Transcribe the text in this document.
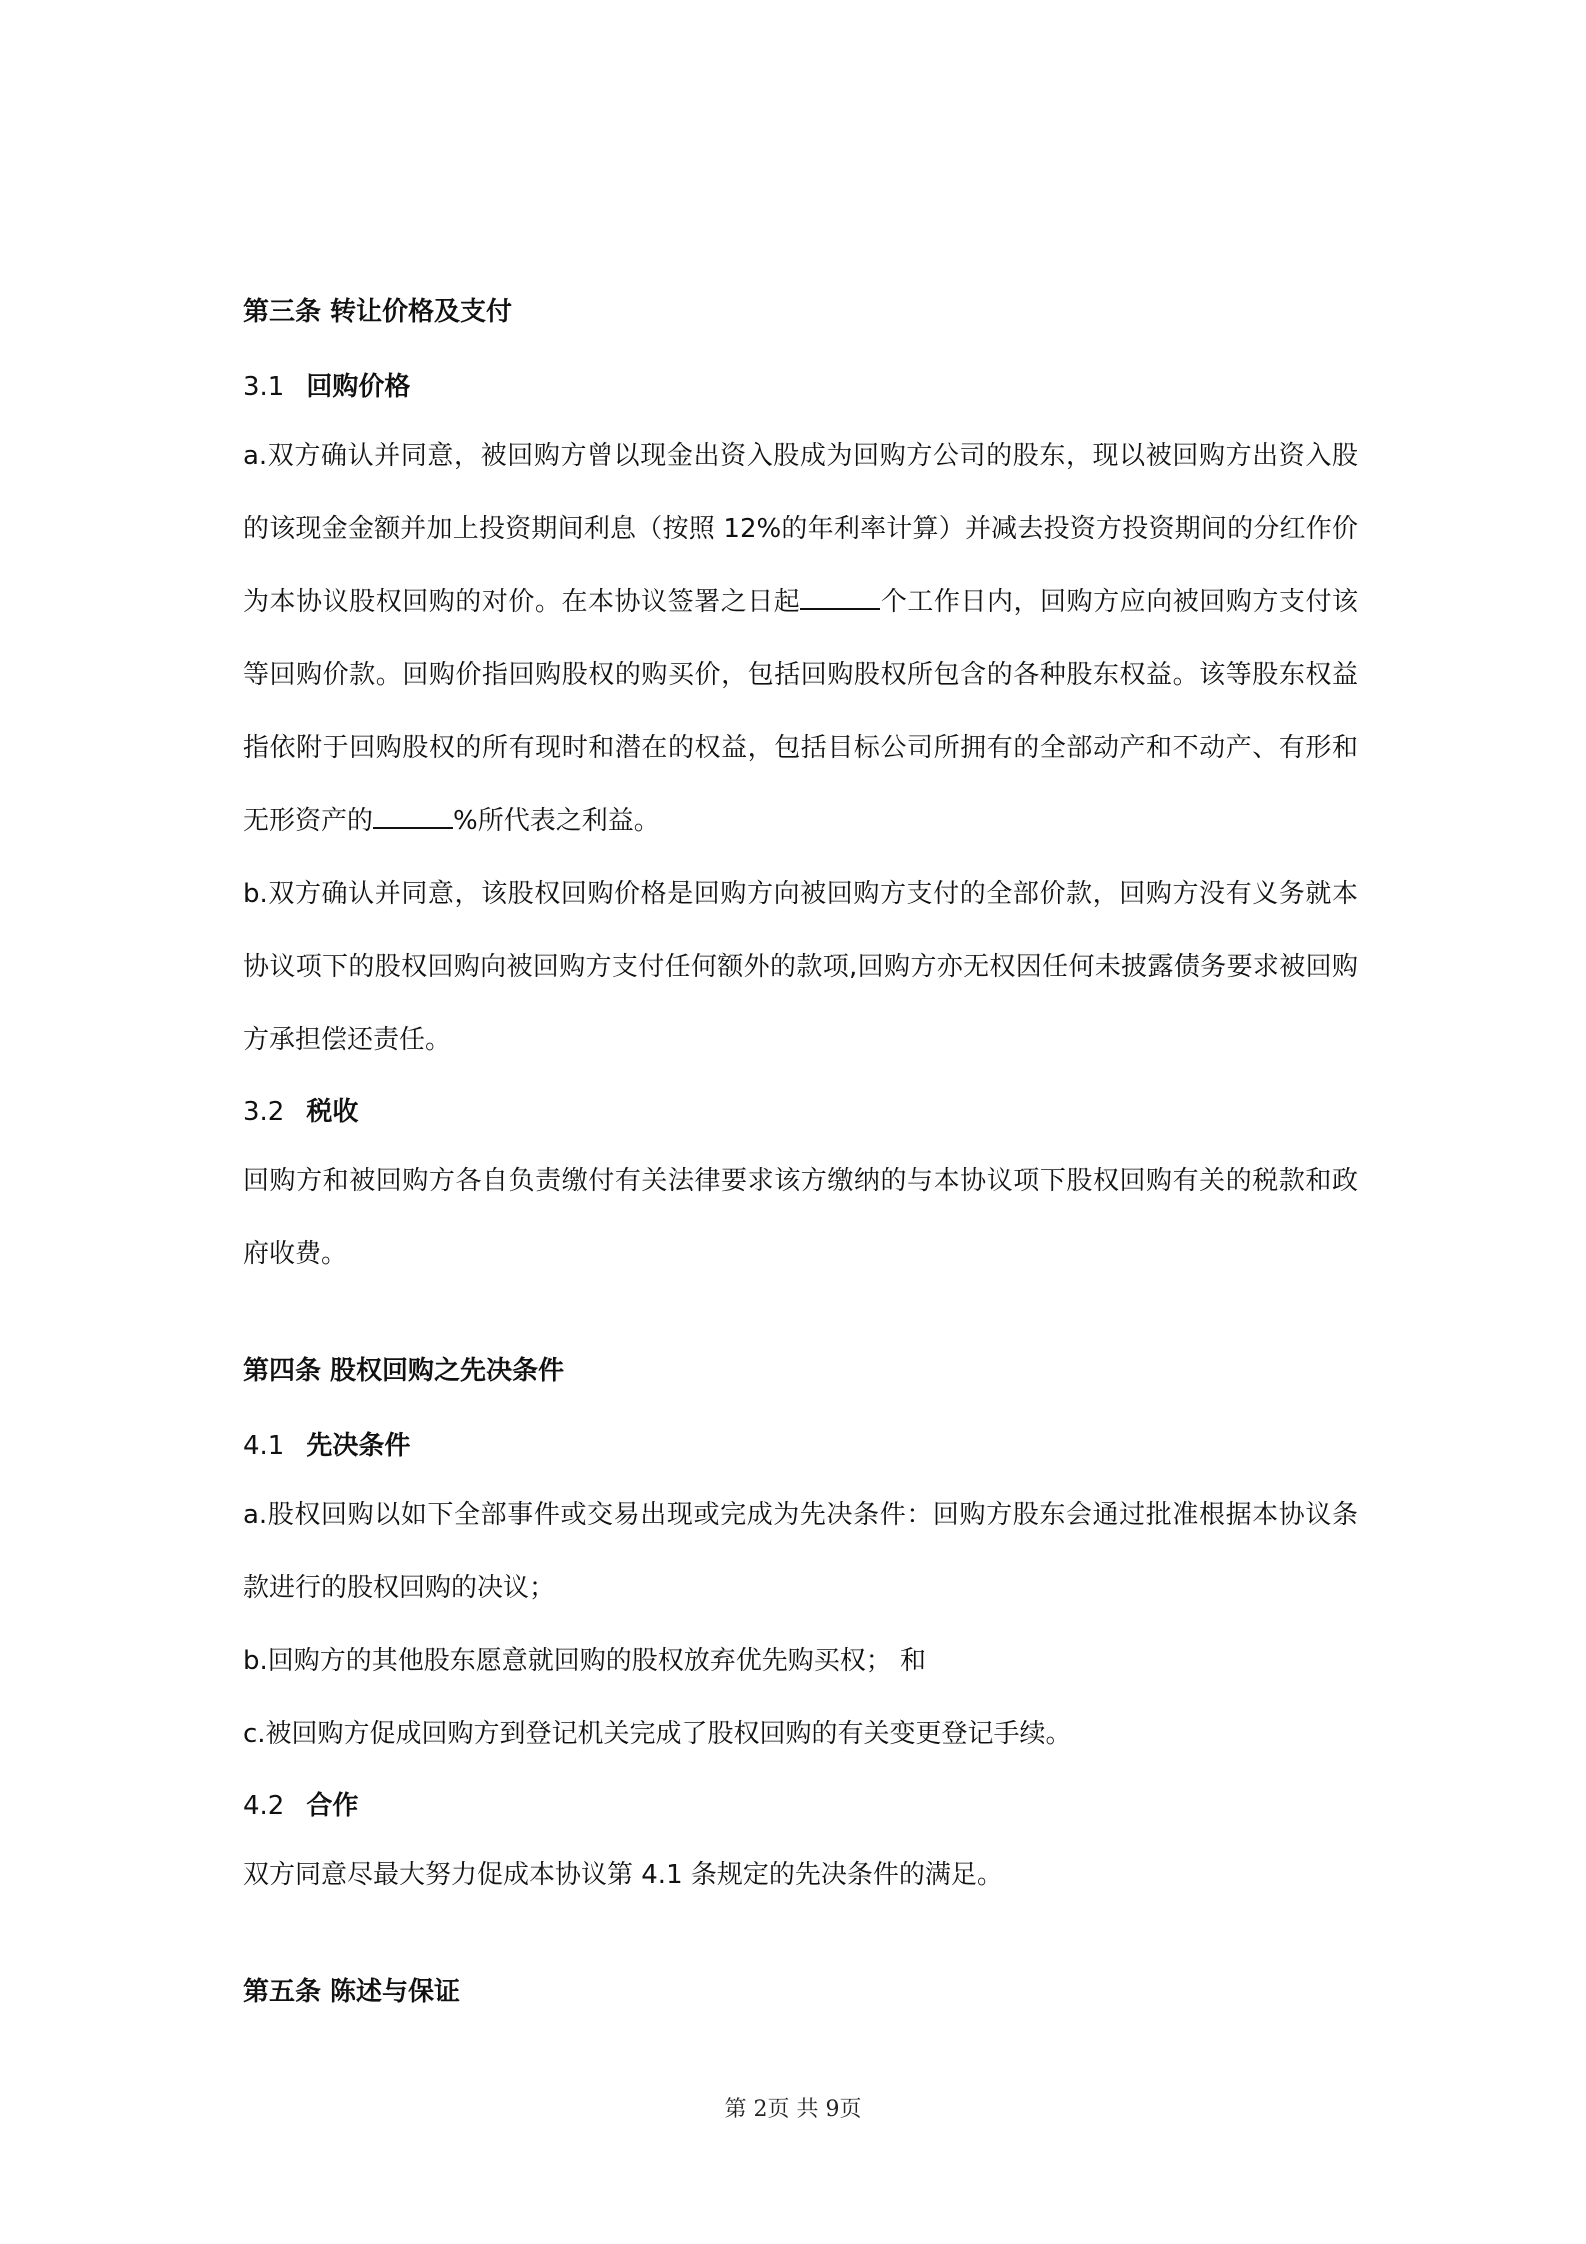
第三条 转让价格及支付
3.1 回购价格

a.双方确认并同意，被回购方曾以现金出资入股成为回购方公司的股东，现以被回购方出资入股的该现金金额并加上投资期间利息（按照 12%的年利率计算）并减去投资方投资期间的分红作价为本协议股权回购的对价。在本协议签署之日起	个工作日内，回购方应向被回购方支付该等回购价款。回购价指回购股权的购买价，包括回购股权所包含的各种股东权益。该等股东权益指依附于回购股权的所有现时和潜在的权益，包括目标公司所拥有的全部动产和不动产、有形和无形资产的	%所代表之利益。

b.双方确认并同意，该股权回购价格是回购方向被回购方支付的全部价款，回购方没有义务就本协议项下的股权回购向被回购方支付任何额外的款项,回购方亦无权因任何未披露债务要求被回购方承担偿还责任。

3.2 税收

回购方和被回购方各自负责缴付有关法律要求该方缴纳的与本协议项下股权回购有关的税款和政府收费。

第四条 股权回购之先决条件
4.1 先决条件

a.股权回购以如下全部事件或交易出现或完成为先决条件：回购方股东会通过批准根据本协议条款进行的股权回购的决议；

b.回购方的其他股东愿意就回购的股权放弃优先购买权； 和

c.被回购方促成回购方到登记机关完成了股权回购的有关变更登记手续。

4.2 合作

双方同意尽最大努力促成本协议第 4.1 条规定的先决条件的满足。

第五条 陈述与保证
第 2页 共 9页
